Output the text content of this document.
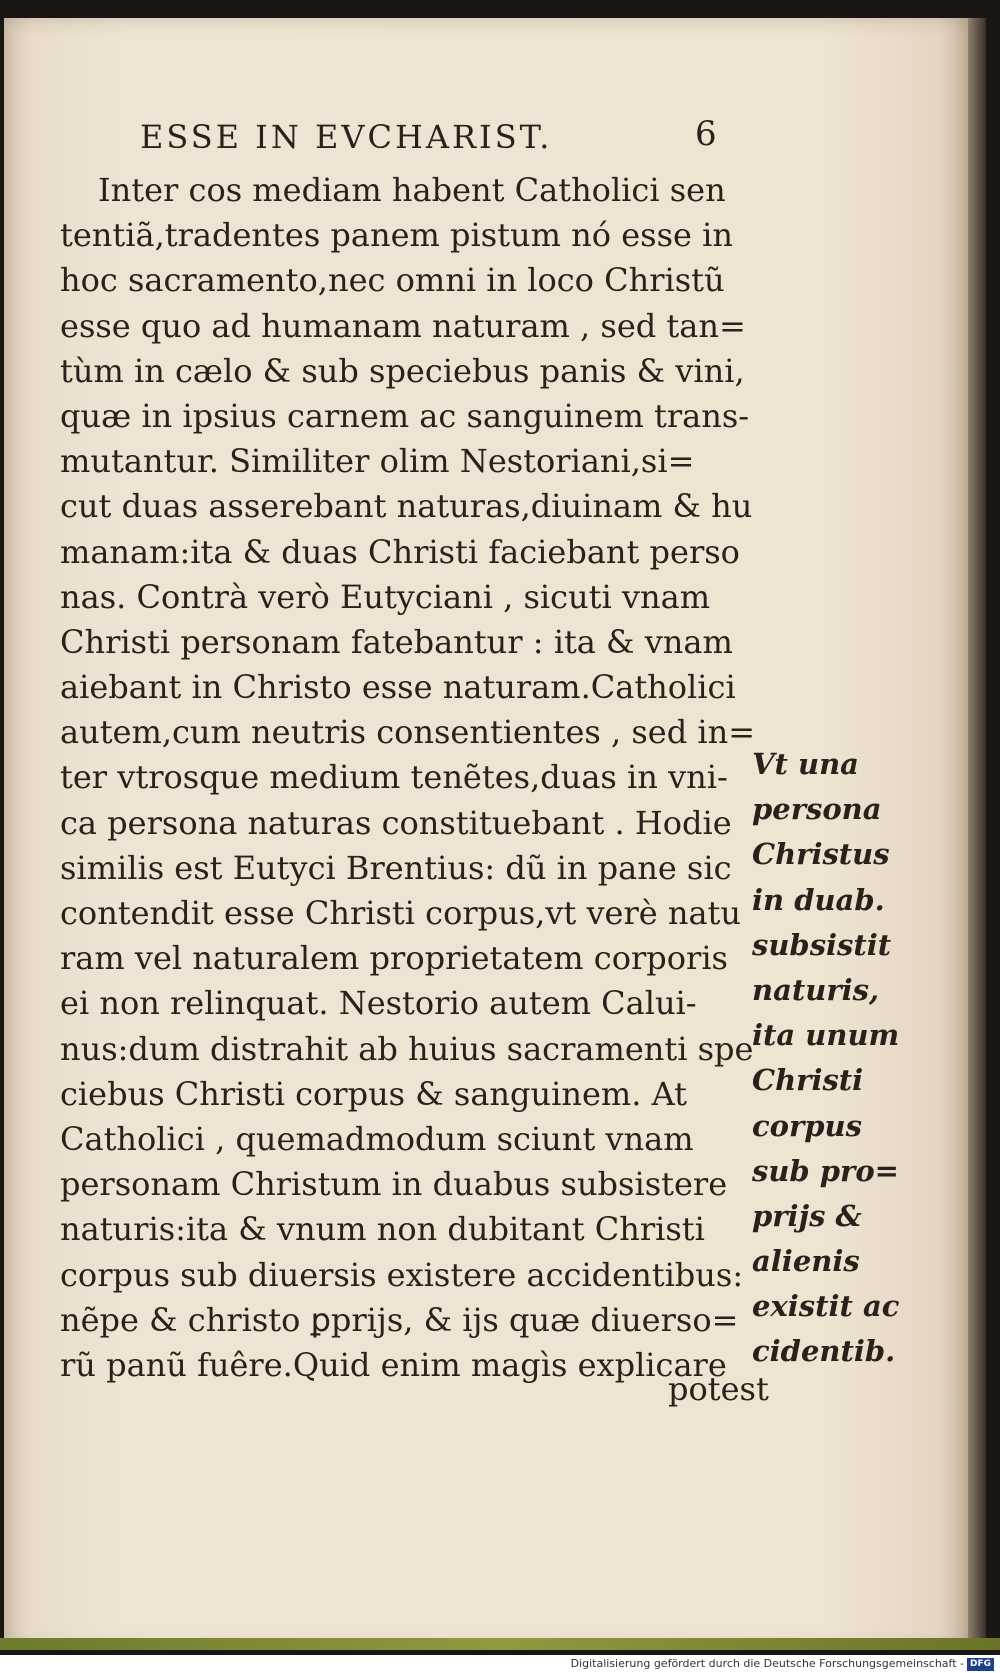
ESSE IN EVCHARIST.	6
Inter cos mediam habent Catholici sen
tentiã,tradentes panem pistum nó esse in
hoc sacramento,nec omni in loco Christũ
esse quo ad humanam naturam , sed tan=
tùm in cælo & sub speciebus panis & vini,
quæ in ipsius carnem ac sanguinem trans-
mutantur. Similiter olim Nestoriani,si=
cut duas asserebant naturas,diuinam & hu
manam:ita & duas Christi faciebant perso
nas. Contrà verò Eutyciani , sicuti vnam
Christi personam fatebantur : ita & vnam
aiebant in Christo esse naturam.Catholici
autem,cum neutris consentientes , sed in=
ter vtrosque medium tenẽtes,duas in vni-
ca persona naturas constituebant . Hodie
similis est Eutyci Brentius: dũ in pane sic
contendit esse Christi corpus,vt verè natu
ram vel naturalem proprietatem corporis
ei non relinquat. Nestorio autem Calui-
nus:dum distrahit ab huius sacramenti spe
ciebus Christi corpus & sanguinem. At
Catholici , quemadmodum sciunt vnam
personam Christum in duabus subsistere
naturis:ita & vnum non dubitant Christi
corpus sub diuersis existere accidentibus:
nẽpe & christo ꝑprijs, & ijs quæ diuerso=
rũ panũ fuêre.Quid enim magìs explicare
Vt una
persona
Christus
in duab.
subsistit
naturis,
ita unum
Christi
corpus
sub pro=
prijs &
alienis
existit ac
cidentib.
potest
Digitalisierung gefördert durch die Deutsche Forschungsgemeinschaft - DFG
